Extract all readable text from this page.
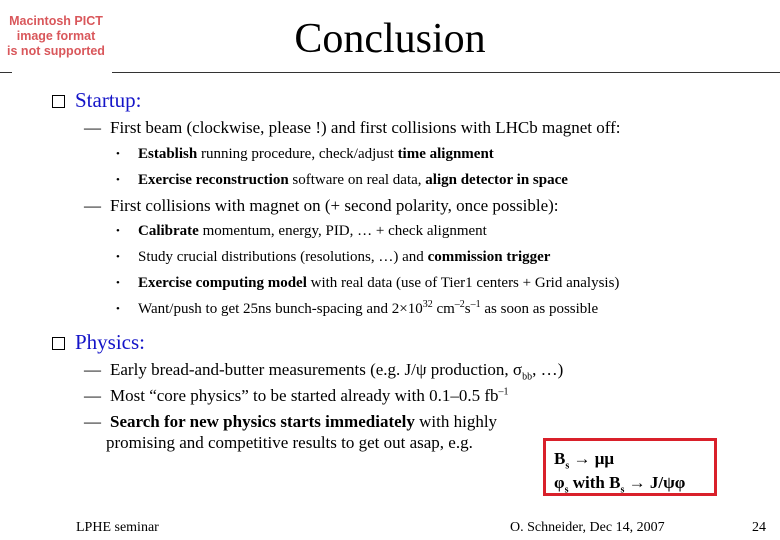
Macintosh PICT
image format
is not supported	Conclusion
Startup:
— First beam (clockwise, please !) and first collisions with LHCb magnet off:
• Establish running procedure, check/adjust time alignment
• Exercise reconstruction software on real data, align detector in space
— First collisions with magnet on (+ second polarity, once possible):
• Calibrate momentum, energy, PID, … + check alignment
• Study crucial distributions (resolutions, …) and commission trigger
• Exercise computing model with real data (use of Tier1 centers + Grid analysis)
• Want/push to get 25ns bunch-spacing and $2\times 10^{32}$ $cm^{-2}s^{-1}$ as soon as possible
Physics:
— Early bread-and-butter measurements (e.g. J/ψ production, $\sigma_{bb}$, …)
— Most “core physics” to be started already with 0.1–0.5 $fb^{-1}$
— Search for new physics starts immediately with highly
promising and competitive results to get out asap, e.g.
$B_s \to \mu\mu$
$\varphi_s$ with $B_s \to J/\psi\varphi$
LPHE seminar	O. Schneider, Dec 14, 2007	24
